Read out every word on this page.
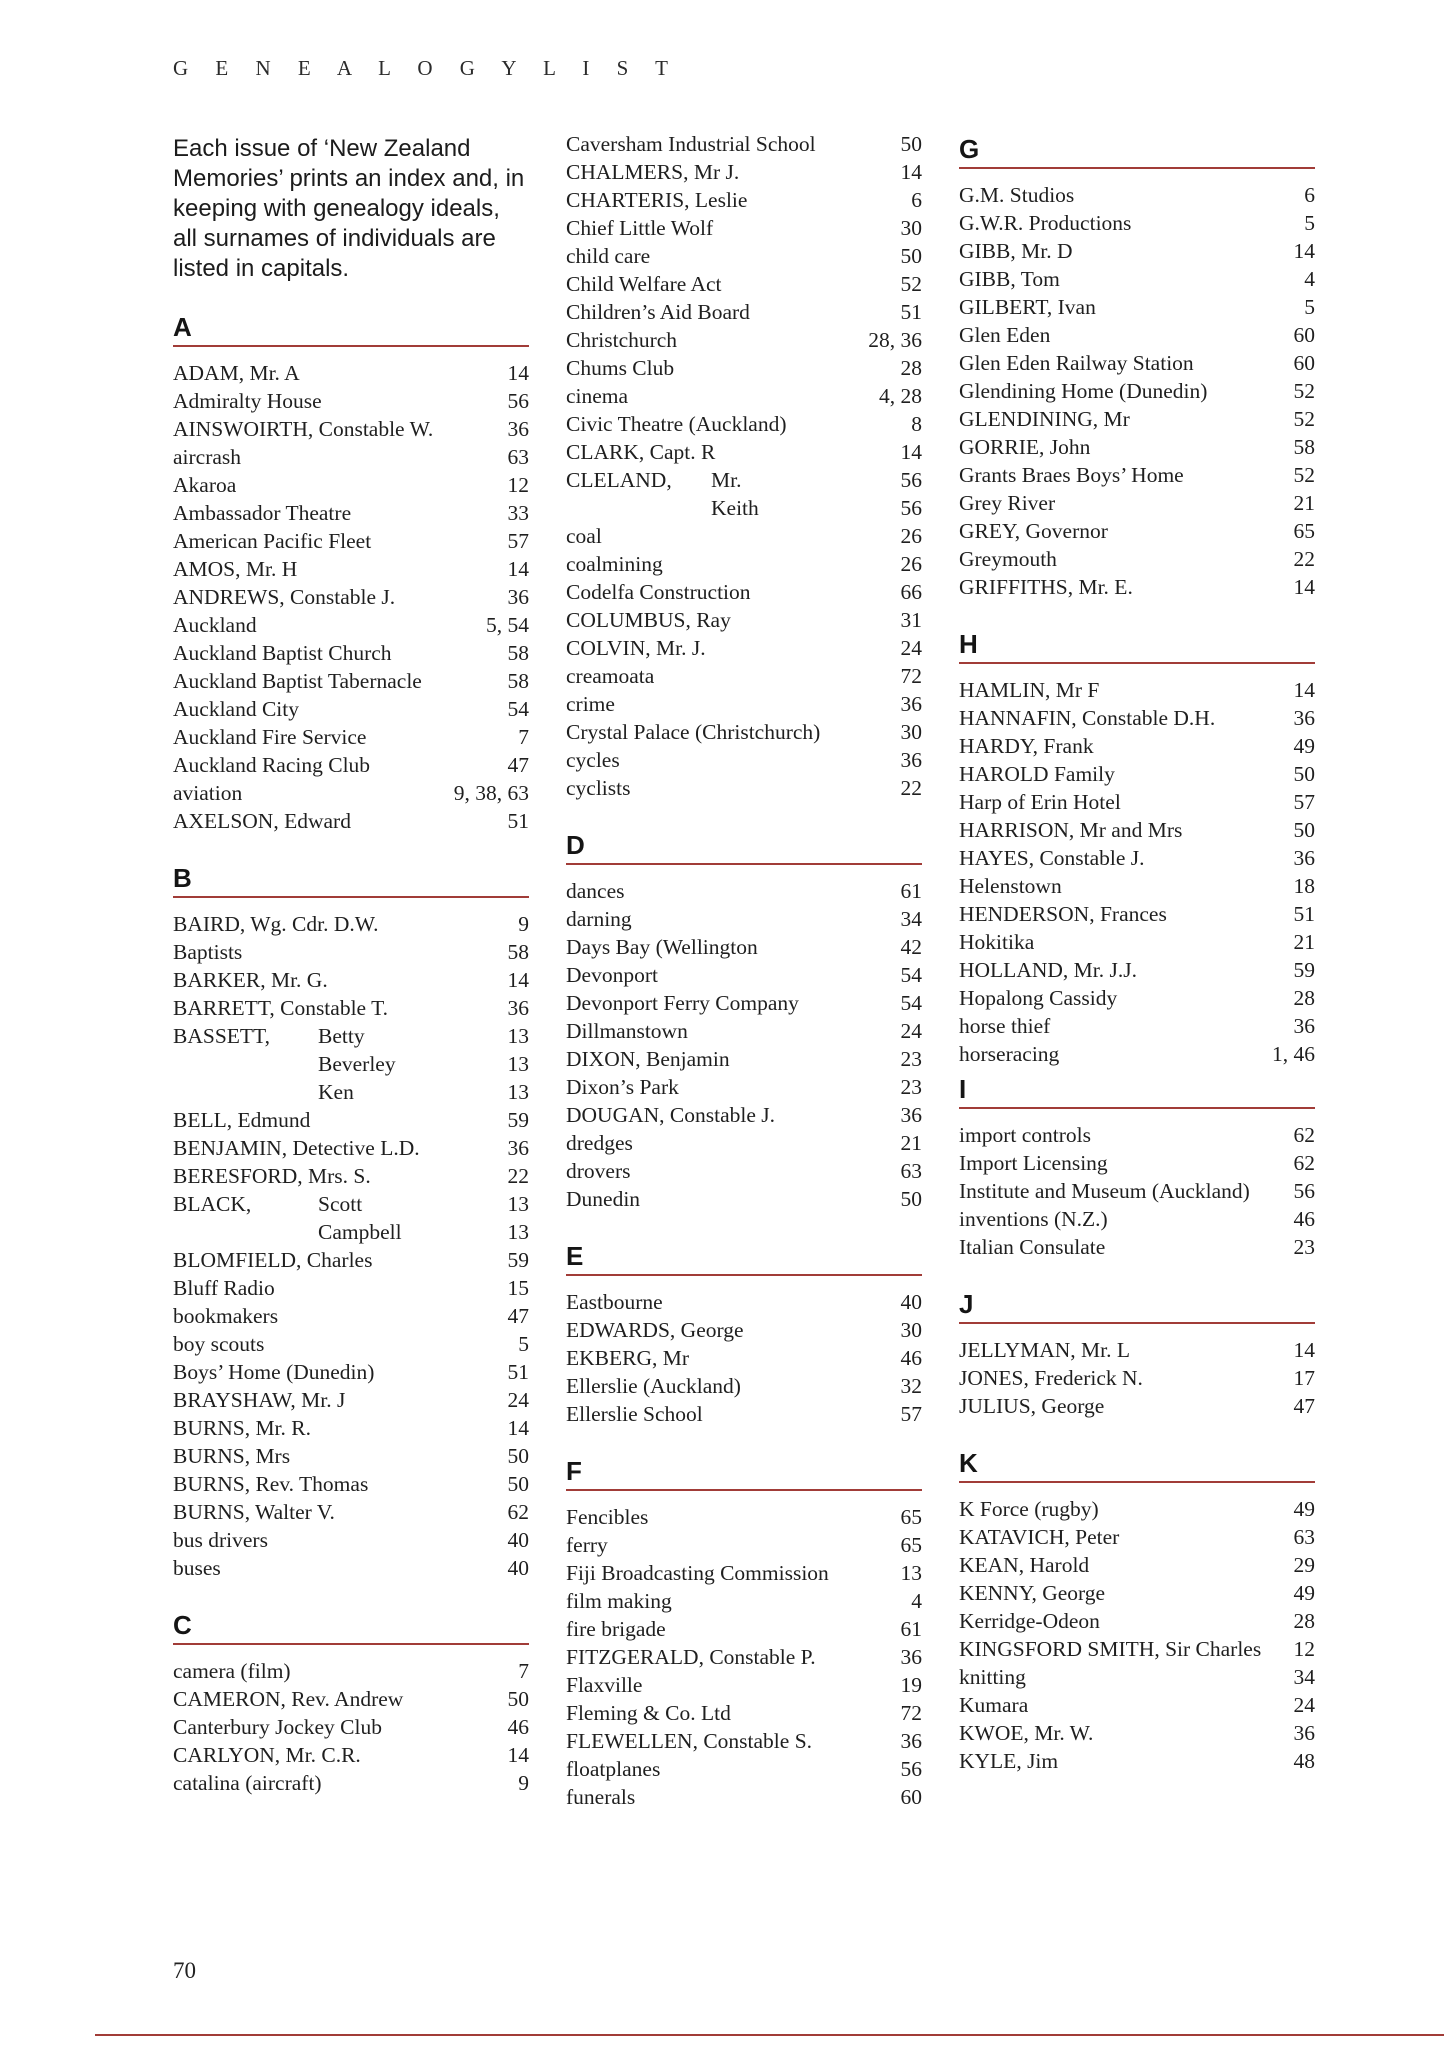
G E N E A L O G Y L I S T

Each issue of ‘New Zealand Memories’ prints an index and, in keeping with genealogy ideals, all surnames of individuals are listed in capitals.

A
ADAM, Mr. A	14
Admiralty House	56
AINSWOIRTH, Constable W.	36
aircrash	63
Akaroa	12
Ambassador Theatre	33
American Pacific Fleet	57
AMOS, Mr. H	14
ANDREWS, Constable J.	36
Auckland	5, 54
Auckland Baptist Church	58
Auckland Baptist Tabernacle	58
Auckland City	54
Auckland Fire Service	7
Auckland Racing Club	47
aviation	9, 38, 63
AXELSON, Edward	51
B
BAIRD, Wg. Cdr. D.W.	9
Baptists	58
BARKER, Mr. G.	14
BARRETT, Constable T.	36
BASSETT, Betty	13
Beverley	13
Ken	13
BELL, Edmund	59
BENJAMIN, Detective L.D.	36
BERESFORD, Mrs. S.	22
BLACK,	Scott	13
Campbell	13
BLOMFIELD, Charles	59
Bluff Radio	15
bookmakers	47
boy scouts	5
Boys’ Home (Dunedin)	51
BRAYSHAW, Mr. J	24
BURNS, Mr. R.	14
BURNS, Mrs	50
BURNS, Rev. Thomas	50
BURNS, Walter V.	62
bus drivers	40
buses	40
C
camera (film)	7
CAMERON, Rev. Andrew	50
Canterbury Jockey Club	46
CARLYON, Mr. C.R.	14
catalina (aircraft)	9
Caversham Industrial School	50
CHALMERS, Mr J.	14
CHARTERIS, Leslie	6
Chief Little Wolf	30
child care	50
Child Welfare Act	52
Children’s Aid Board	51
Christchurch	28, 36
Chums Club	28
cinema	4, 28
Civic Theatre (Auckland)	8
CLARK, Capt. R	14
CLELAND, Mr.	56
Keith	56
coal	26
coalmining	26
Codelfa Construction	66
COLUMBUS, Ray	31
COLVIN, Mr. J.	24
creamoata	72
crime	36
Crystal Palace (Christchurch)	30
cycles	36
cyclists	22
D
dances	61
darning	34
Days Bay (Wellington	42
Devonport	54
Devonport Ferry Company	54
Dillmanstown	24
DIXON, Benjamin	23
Dixon’s Park	23
DOUGAN, Constable J.	36
dredges	21
drovers	63
Dunedin	50
E
Eastbourne	40
EDWARDS, George	30
EKBERG, Mr	46
Ellerslie (Auckland)	32
Ellerslie School	57
F
Fencibles	65
ferry	65
Fiji Broadcasting Commission	13
film making	4
fire brigade	61
FITZGERALD, Constable P.	36
Flaxville	19
Fleming & Co. Ltd	72
FLEWELLEN, Constable S.	36
floatplanes	56
funerals	60
G
G.M. Studios	6
G.W.R. Productions	5
GIBB, Mr. D	14
GIBB, Tom	4
GILBERT, Ivan	5
Glen Eden	60
Glen Eden Railway Station	60
Glendining Home (Dunedin)	52
GLENDINING, Mr	52
GORRIE, John	58
Grants Braes Boys’ Home	52
Grey River	21
GREY, Governor	65
Greymouth	22
GRIFFITHS, Mr. E.	14
H
HAMLIN, Mr F	14
HANNAFIN, Constable D.H.	36
HARDY, Frank	49
HAROLD Family	50
Harp of Erin Hotel	57
HARRISON, Mr and Mrs	50
HAYES, Constable J.	36
Helenstown	18
HENDERSON, Frances	51
Hokitika	21
HOLLAND, Mr. J.J.	59
Hopalong Cassidy	28
horse thief	36
horseracing	1, 46
I
import controls	62
Import Licensing	62
Institute and Museum (Auckland) 56
inventions (N.Z.)	46
Italian Consulate	23
J
JELLYMAN, Mr. L	14
JONES, Frederick N.	17
JULIUS, George	47
K
K Force (rugby)	49
KATAVICH, Peter	63
KEAN, Harold	29
KENNY, George	49
Kerridge-Odeon	28
KINGSFORD SMITH, Sir Charles 12
knitting	34
Kumara	24
KWOE, Mr. W.	36
KYLE, Jim	48
70
